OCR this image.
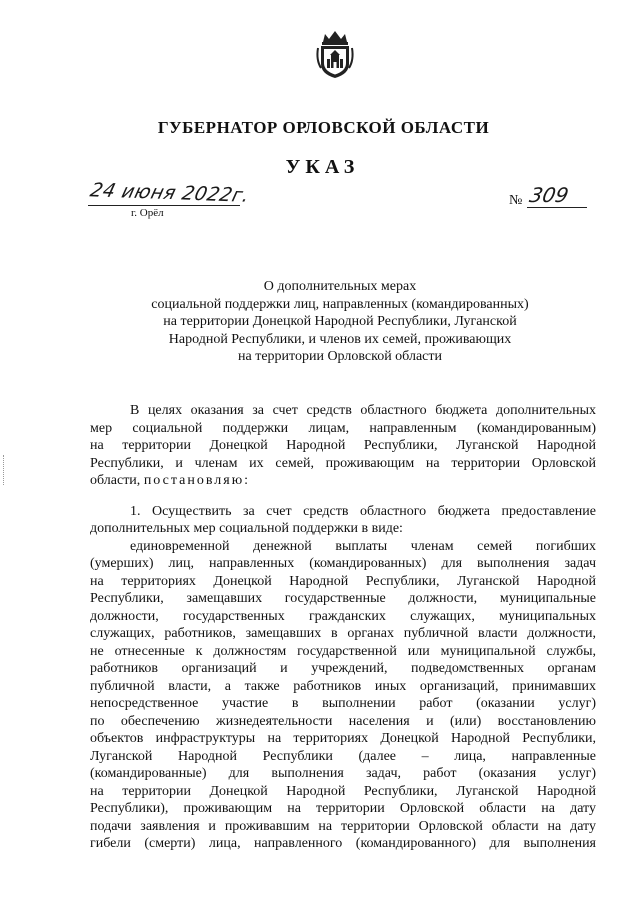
ГУБЕРНАТОР ОРЛОВСКОЙ ОБЛАСТИ
УКАЗ
24 июня 2022г.
г. Орёл
№ 309
О дополнительных мерах
социальной поддержки лиц, направленных (командированных)
на территории Донецкой Народной Республики, Луганской
Народной Республики, и членов их семей, проживающих
на территории Орловской области
В целях оказания за счет средств областного бюджета дополнительных
мер социальной поддержки лицам, направленным (командированным)
на территории Донецкой Народной Республики, Луганской Народной
Республики, и членам их семей, проживающим на территории Орловской
области, постановляю:
1. Осуществить за счет средств областного бюджета предоставление
дополнительных мер социальной поддержки в виде:
единовременной денежной выплаты членам семей погибших
(умерших) лиц, направленных (командированных) для выполнения задач
на территориях Донецкой Народной Республики, Луганской Народной
Республики, замещавших государственные должности, муниципальные
должности, государственных гражданских служащих, муниципальных
служащих, работников, замещавших в органах публичной власти должности,
не отнесенные к должностям государственной или муниципальной службы,
работников организаций и учреждений, подведомственных органам
публичной власти, а также работников иных организаций, принимавших
непосредственное участие в выполнении работ (оказании услуг)
по обеспечению жизнедеятельности населения и (или) восстановлению
объектов инфраструктуры на территориях Донецкой Народной Республики,
Луганской Народной Республики (далее – лица, направленные
(командированные) для выполнения задач, работ (оказания услуг)
на территории Донецкой Народной Республики, Луганской Народной
Республики), проживающим на территории Орловской области на дату
подачи заявления и проживавшим на территории Орловской области на дату
гибели (смерти) лица, направленного (командированного) для выполнения
